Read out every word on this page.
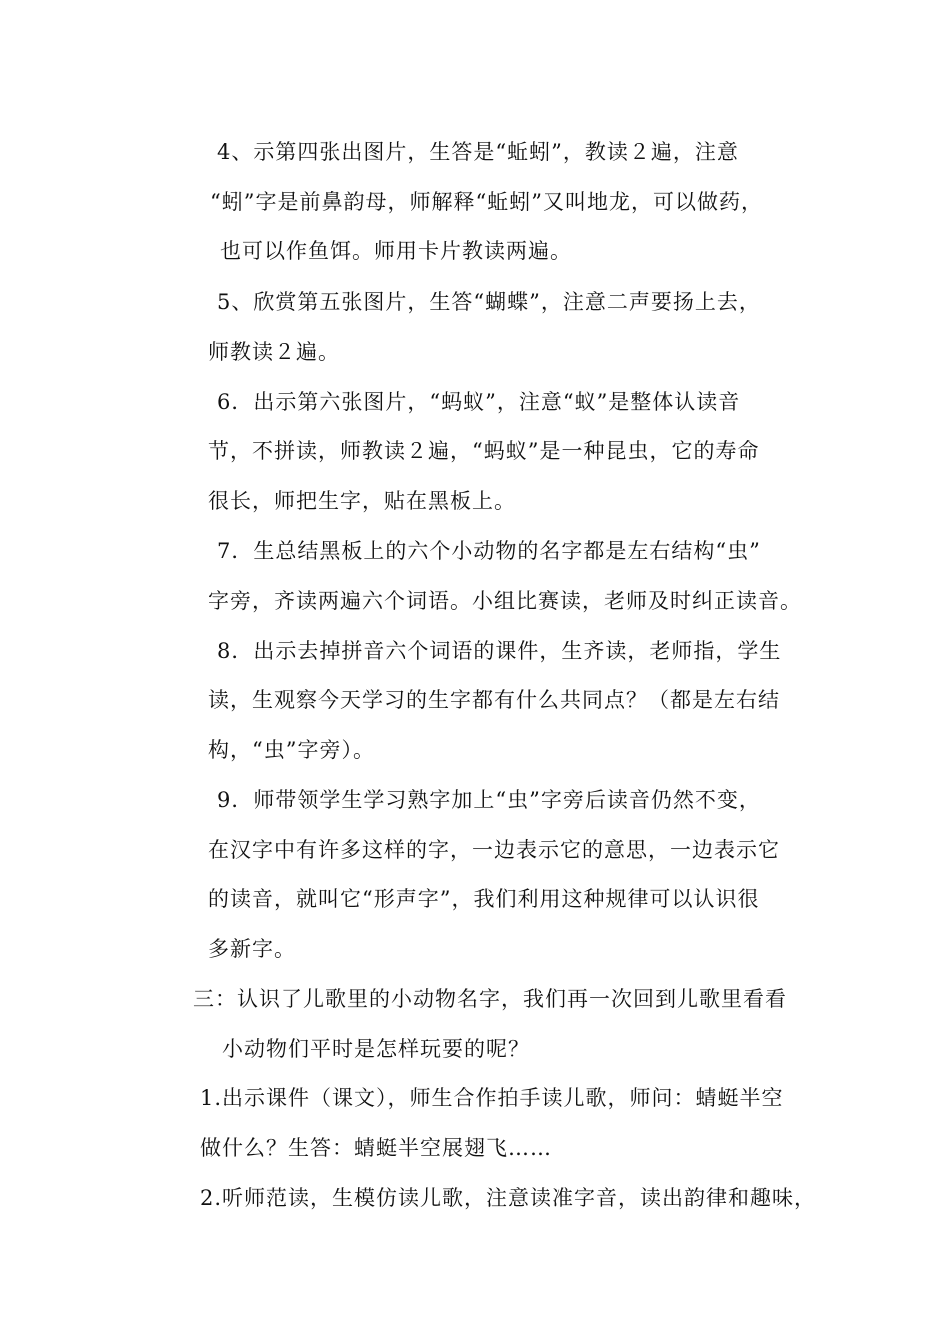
4、示第四张出图片，生答是“蚯蚓”，教读２遍，注意
“蚓”字是前鼻韵母，师解释“蚯蚓”又叫地龙，可以做药，
也可以作鱼饵。师用卡片教读两遍。
5、欣赏第五张图片，生答“蝴蝶”，注意二声要扬上去，
师教读２遍。
6．出示第六张图片，“蚂蚁”，注意“蚁”是整体认读音
节，不拼读，师教读２遍，“蚂蚁”是一种昆虫，它的寿命
很长，师把生字，贴在黑板上。
7．生总结黑板上的六个小动物的名字都是左右结构“虫”
字旁，齐读两遍六个词语。小组比赛读，老师及时纠正读音。
8．出示去掉拼音六个词语的课件，生齐读，老师指，学生
读，生观察今天学习的生字都有什么共同点？（都是左右结
构，“虫”字旁）。
9．师带领学生学习熟字加上“虫”字旁后读音仍然不变，
在汉字中有许多这样的字，一边表示它的意思，一边表示它
的读音，就叫它“形声字”，我们利用这种规律可以认识很
多新字。
三：认识了儿歌里的小动物名字，我们再一次回到儿歌里看看
小动物们平时是怎样玩要的呢？
1.出示课件（课文），师生合作拍手读儿歌，师问：蜻蜓半空
做什么？生答：蜻蜓半空展翅飞……
2.听师范读，生模仿读儿歌，注意读准字音，读出韵律和趣味，
